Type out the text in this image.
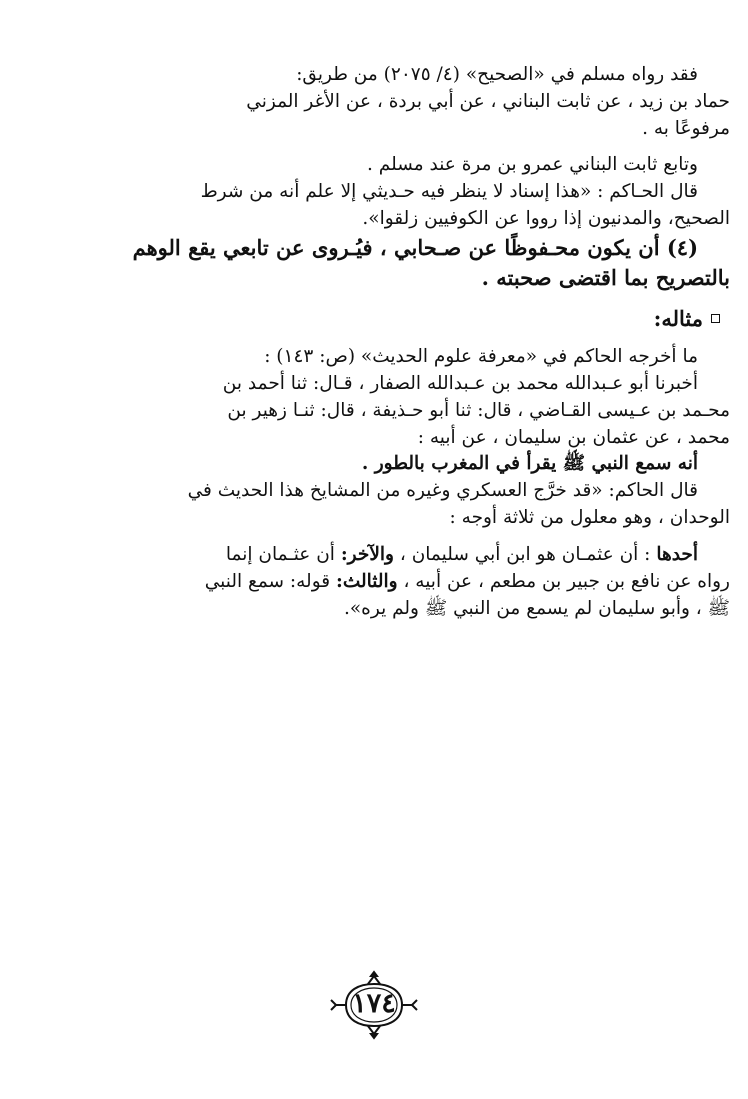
فقد رواه مسلم في «الصحيح» (٤/ ٢٠٧٥) من طريق:

حماد بن زيد ، عن ثابت البناني ، عن أبي بردة ، عن الأغر المزني

مرفوعًا به .

وتابع ثابت البناني عمرو بن مرة عند مسلم .

قال الحـاكم : «هذا إسناد لا ينظر فيه حـديثي إلا علم أنه من شرط

الصحيح، والمدنيون إذا رووا عن الكوفيين زلقوا».

(٤) أن يكون محـفوظًا عن صـحابي ، فيُـروى عن تابعي يقع الوهم

بالتصريح بما اقتضى صحبته .

مثاله:

ما أخرجه الحاكم في «معرفة علوم الحديث» (ص: ١٤٣) :

أخبرنا أبو عـبدالله محمد بن عـبدالله الصفار ، قـال: ثنا أحمد بن

محـمد بن عـيسى القـاضي ، قال: ثنا أبو حـذيفة ، قال: ثنـا زهير بن

محمد ، عن عثمان بن سليمان ، عن أبيه :

أنه سمع النبي ﷺ يقرأ في المغرب بالطور .

قال الحاكم: «قد خرَّج العسكري وغيره من المشايخ هذا الحديث في

الوحدان ، وهو معلول من ثلاثة أوجه :

أحدها : أن عثمـان هو ابن أبي سليمان ، والآخر: أن عثـمان إنما

رواه عن نافع بن جبير بن مطعم ، عن أبيه ، والثالث: قوله: سمع النبي

ﷺ ، وأبو سليمان لم يسمع من النبي ﷺ ولم يره».

١٧٤
